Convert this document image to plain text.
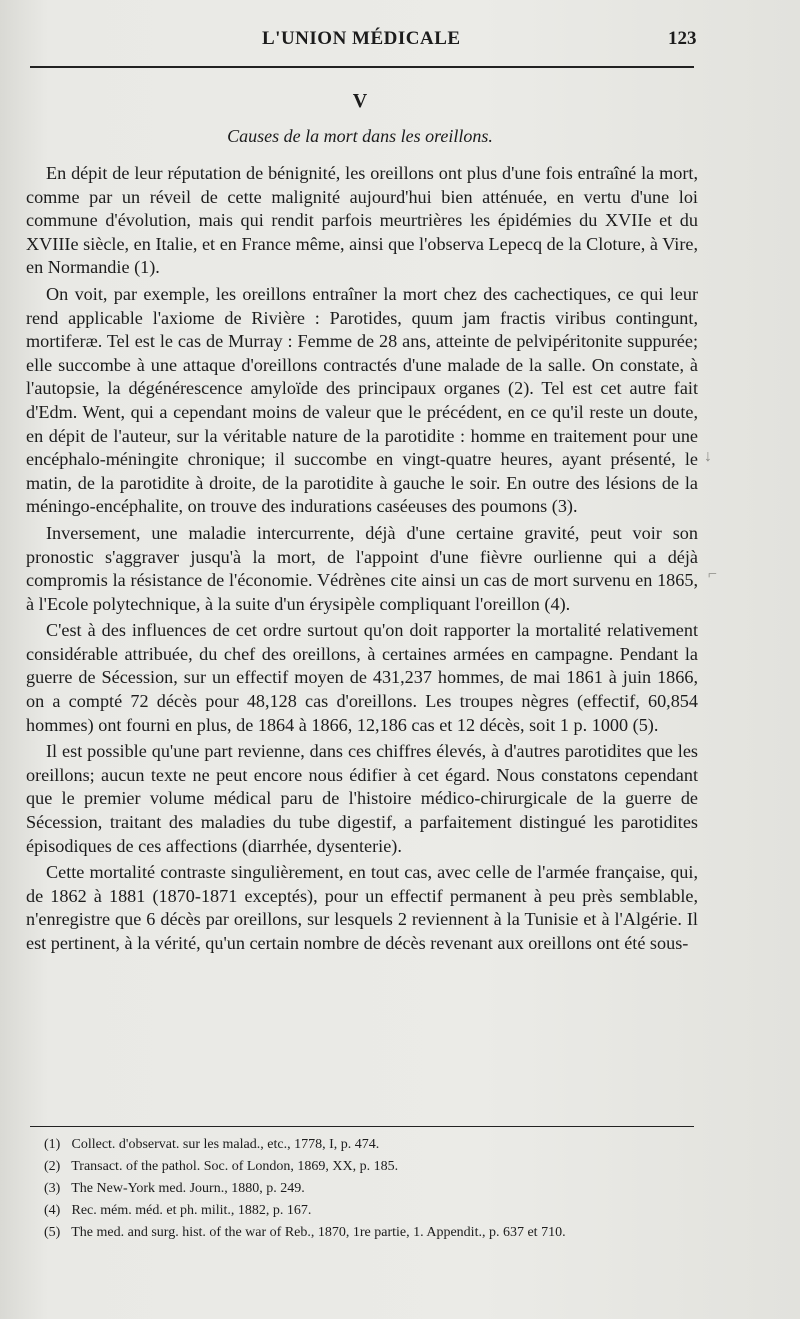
L'UNION MÉDICALE	123
V
Causes de la mort dans les oreillons.

En dépit de leur réputation de bénignité, les oreillons ont plus d'une fois entraîné la mort, comme par un réveil de cette malignité aujourd'hui bien atténuée, en vertu d'une loi commune d'évolution, mais qui rendit parfois meurtrières les épidémies du XVIIe et du XVIIIe siècle, en Italie, et en France même, ainsi que l'observa Lepecq de la Cloture, à Vire, en Normandie (1).

On voit, par exemple, les oreillons entraîner la mort chez des cachectiques, ce qui leur rend applicable l'axiome de Rivière : Parotides, quum jam fractis viribus contingunt, mortiferæ. Tel est le cas de Murray : Femme de 28 ans, atteinte de pelvipéritonite suppurée; elle succombe à une attaque d'oreillons contractés d'une malade de la salle. On constate, à l'autopsie, la dégénérescence amyloïde des principaux organes (2). Tel est cet autre fait d'Edm. Went, qui a cependant moins de valeur que le précédent, en ce qu'il reste un doute, en dépit de l'auteur, sur la véritable nature de la parotidite : homme en traitement pour une encéphalo-méningite chronique; il succombe en vingt-quatre heures, ayant présenté, le matin, de la parotidite à droite, de la parotidite à gauche le soir. En outre des lésions de la méningo-encéphalite, on trouve des indurations caséeuses des poumons (3).

Inversement, une maladie intercurrente, déjà d'une certaine gravité, peut voir son pronostic s'aggraver jusqu'à la mort, de l'appoint d'une fièvre ourlienne qui a déjà compromis la résistance de l'économie. Védrènes cite ainsi un cas de mort survenu en 1865, à l'Ecole polytechnique, à la suite d'un érysipèle compliquant l'oreillon (4).

C'est à des influences de cet ordre surtout qu'on doit rapporter la mortalité relativement considérable attribuée, du chef des oreillons, à certaines armées en campagne. Pendant la guerre de Sécession, sur un effectif moyen de 431,237 hommes, de mai 1861 à juin 1866, on a compté 72 décès pour 48,128 cas d'oreillons. Les troupes nègres (effectif, 60,854 hommes) ont fourni en plus, de 1864 à 1866, 12,186 cas et 12 décès, soit 1 p. 1000 (5).

Il est possible qu'une part revienne, dans ces chiffres élevés, à d'autres parotidites que les oreillons; aucun texte ne peut encore nous édifier à cet égard. Nous constatons cependant que le premier volume médical paru de l'histoire médico-chirurgicale de la guerre de Sécession, traitant des maladies du tube digestif, a parfaitement distingué les parotidites épisodiques de ces affections (diarrhée, dysenterie).

Cette mortalité contraste singulièrement, en tout cas, avec celle de l'armée française, qui, de 1862 à 1881 (1870-1871 exceptés), pour un effectif permanent à peu près semblable, n'enregistre que 6 décès par oreillons, sur lesquels 2 reviennent à la Tunisie et à l'Algérie. Il est pertinent, à la vérité, qu'un certain nombre de décès revenant aux oreillons ont été sous-

(1) Collect. d'observat. sur les malad., etc., 1778, I, p. 474.
(2) Transact. of the pathol. Soc. of London, 1869, XX, p. 185.
(3) The New-York med. Journ., 1880, p. 249.
(4) Rec. mém. méd. et ph. milit., 1882, p. 167.
(5) The med. and surg. hist. of the war of Reb., 1870, 1re partie, 1. Appendit., p. 637 et 710.
↓
⌐
